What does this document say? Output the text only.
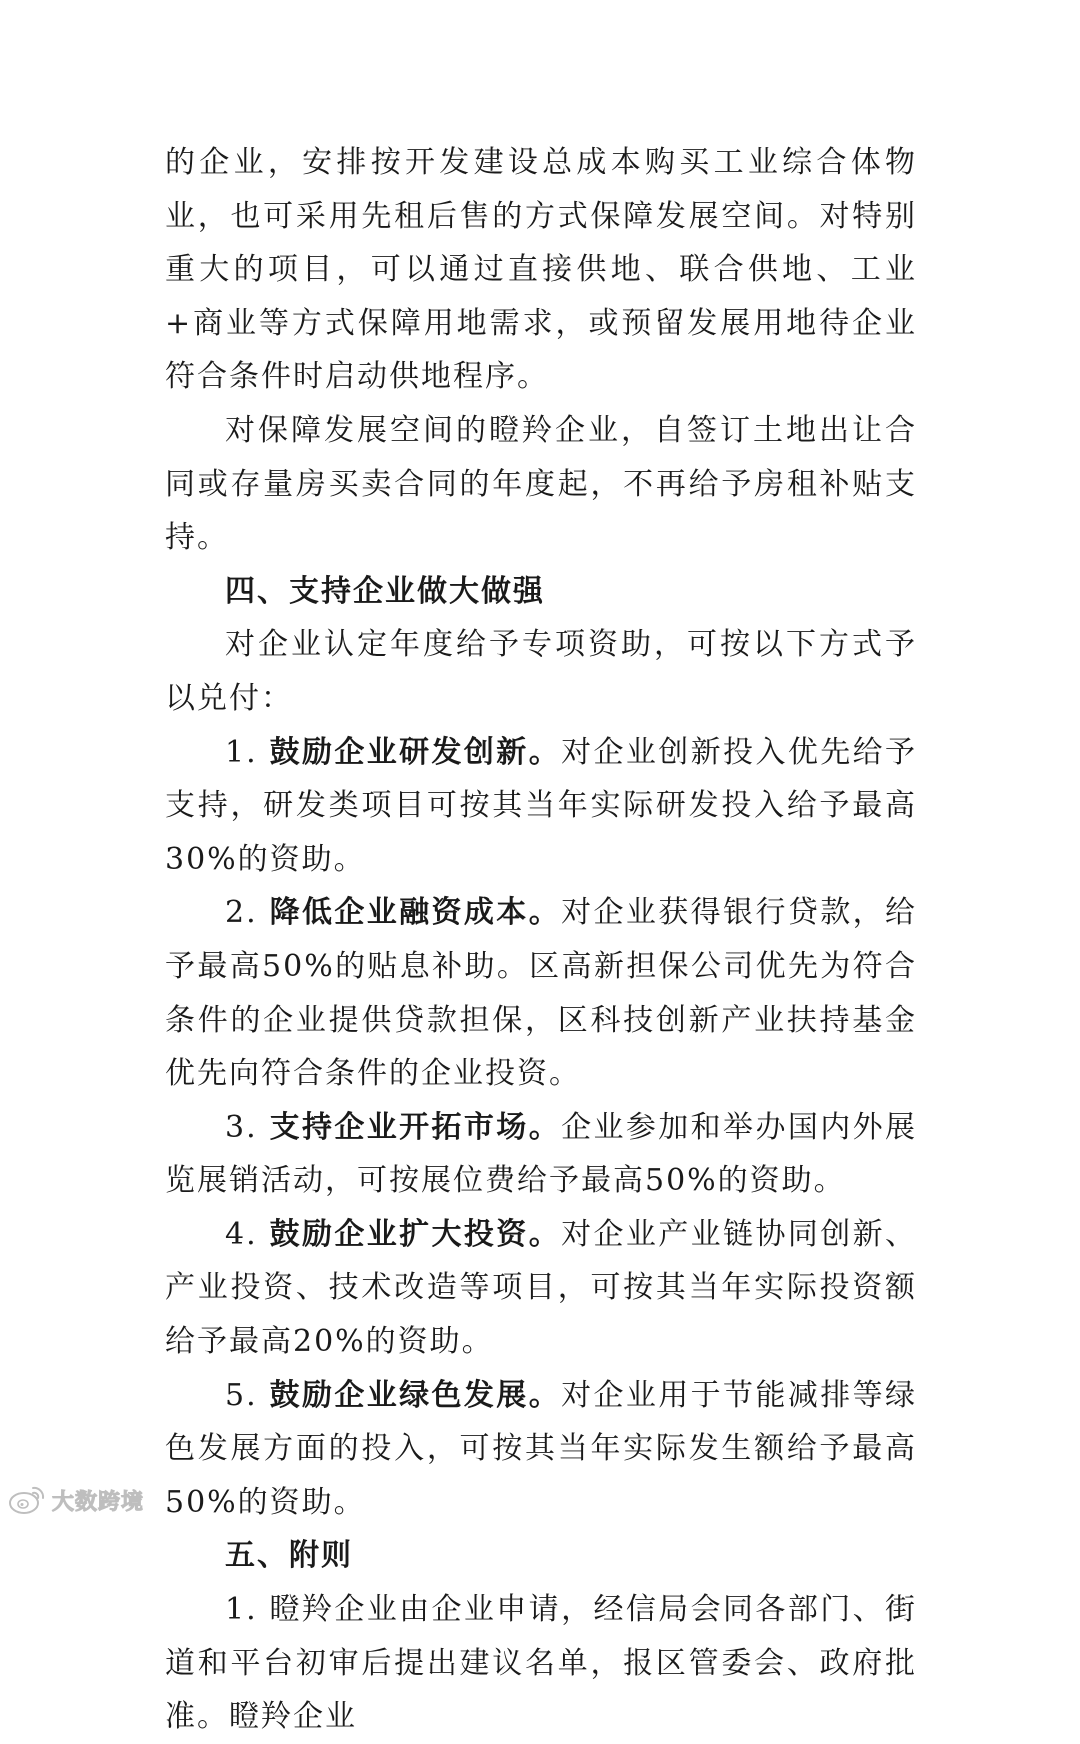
的企业，安排按开发建设总成本购买工业综合体物业，也可采用先租后售的方式保障发展空间。对特别重大的项目，可以通过直接供地、联合供地、工业+商业等方式保障用地需求，或预留发展用地待企业符合条件时启动供地程序。

对保障发展空间的瞪羚企业，自签订土地出让合同或存量房买卖合同的年度起，不再给予房租补贴支持。

四、支持企业做大做强

对企业认定年度给予专项资助，可按以下方式予以兑付：

1. 鼓励企业研发创新。对企业创新投入优先给予支持，研发类项目可按其当年实际研发投入给予最高30%的资助。

2. 降低企业融资成本。对企业获得银行贷款，给予最高50%的贴息补助。区高新担保公司优先为符合条件的企业提供贷款担保，区科技创新产业扶持基金优先向符合条件的企业投资。

3. 支持企业开拓市场。企业参加和举办国内外展览展销活动，可按展位费给予最高50%的资助。

4. 鼓励企业扩大投资。对企业产业链协同创新、产业投资、技术改造等项目，可按其当年实际投资额给予最高20%的资助。

5. 鼓励企业绿色发展。对企业用于节能减排等绿色发展方面的投入，可按其当年实际发生额给予最高50%的资助。

五、附则

1. 瞪羚企业由企业申请，经信局会同各部门、街道和平台初审后提出建议名单，报区管委会、政府批准。瞪羚企业

大数跨境
